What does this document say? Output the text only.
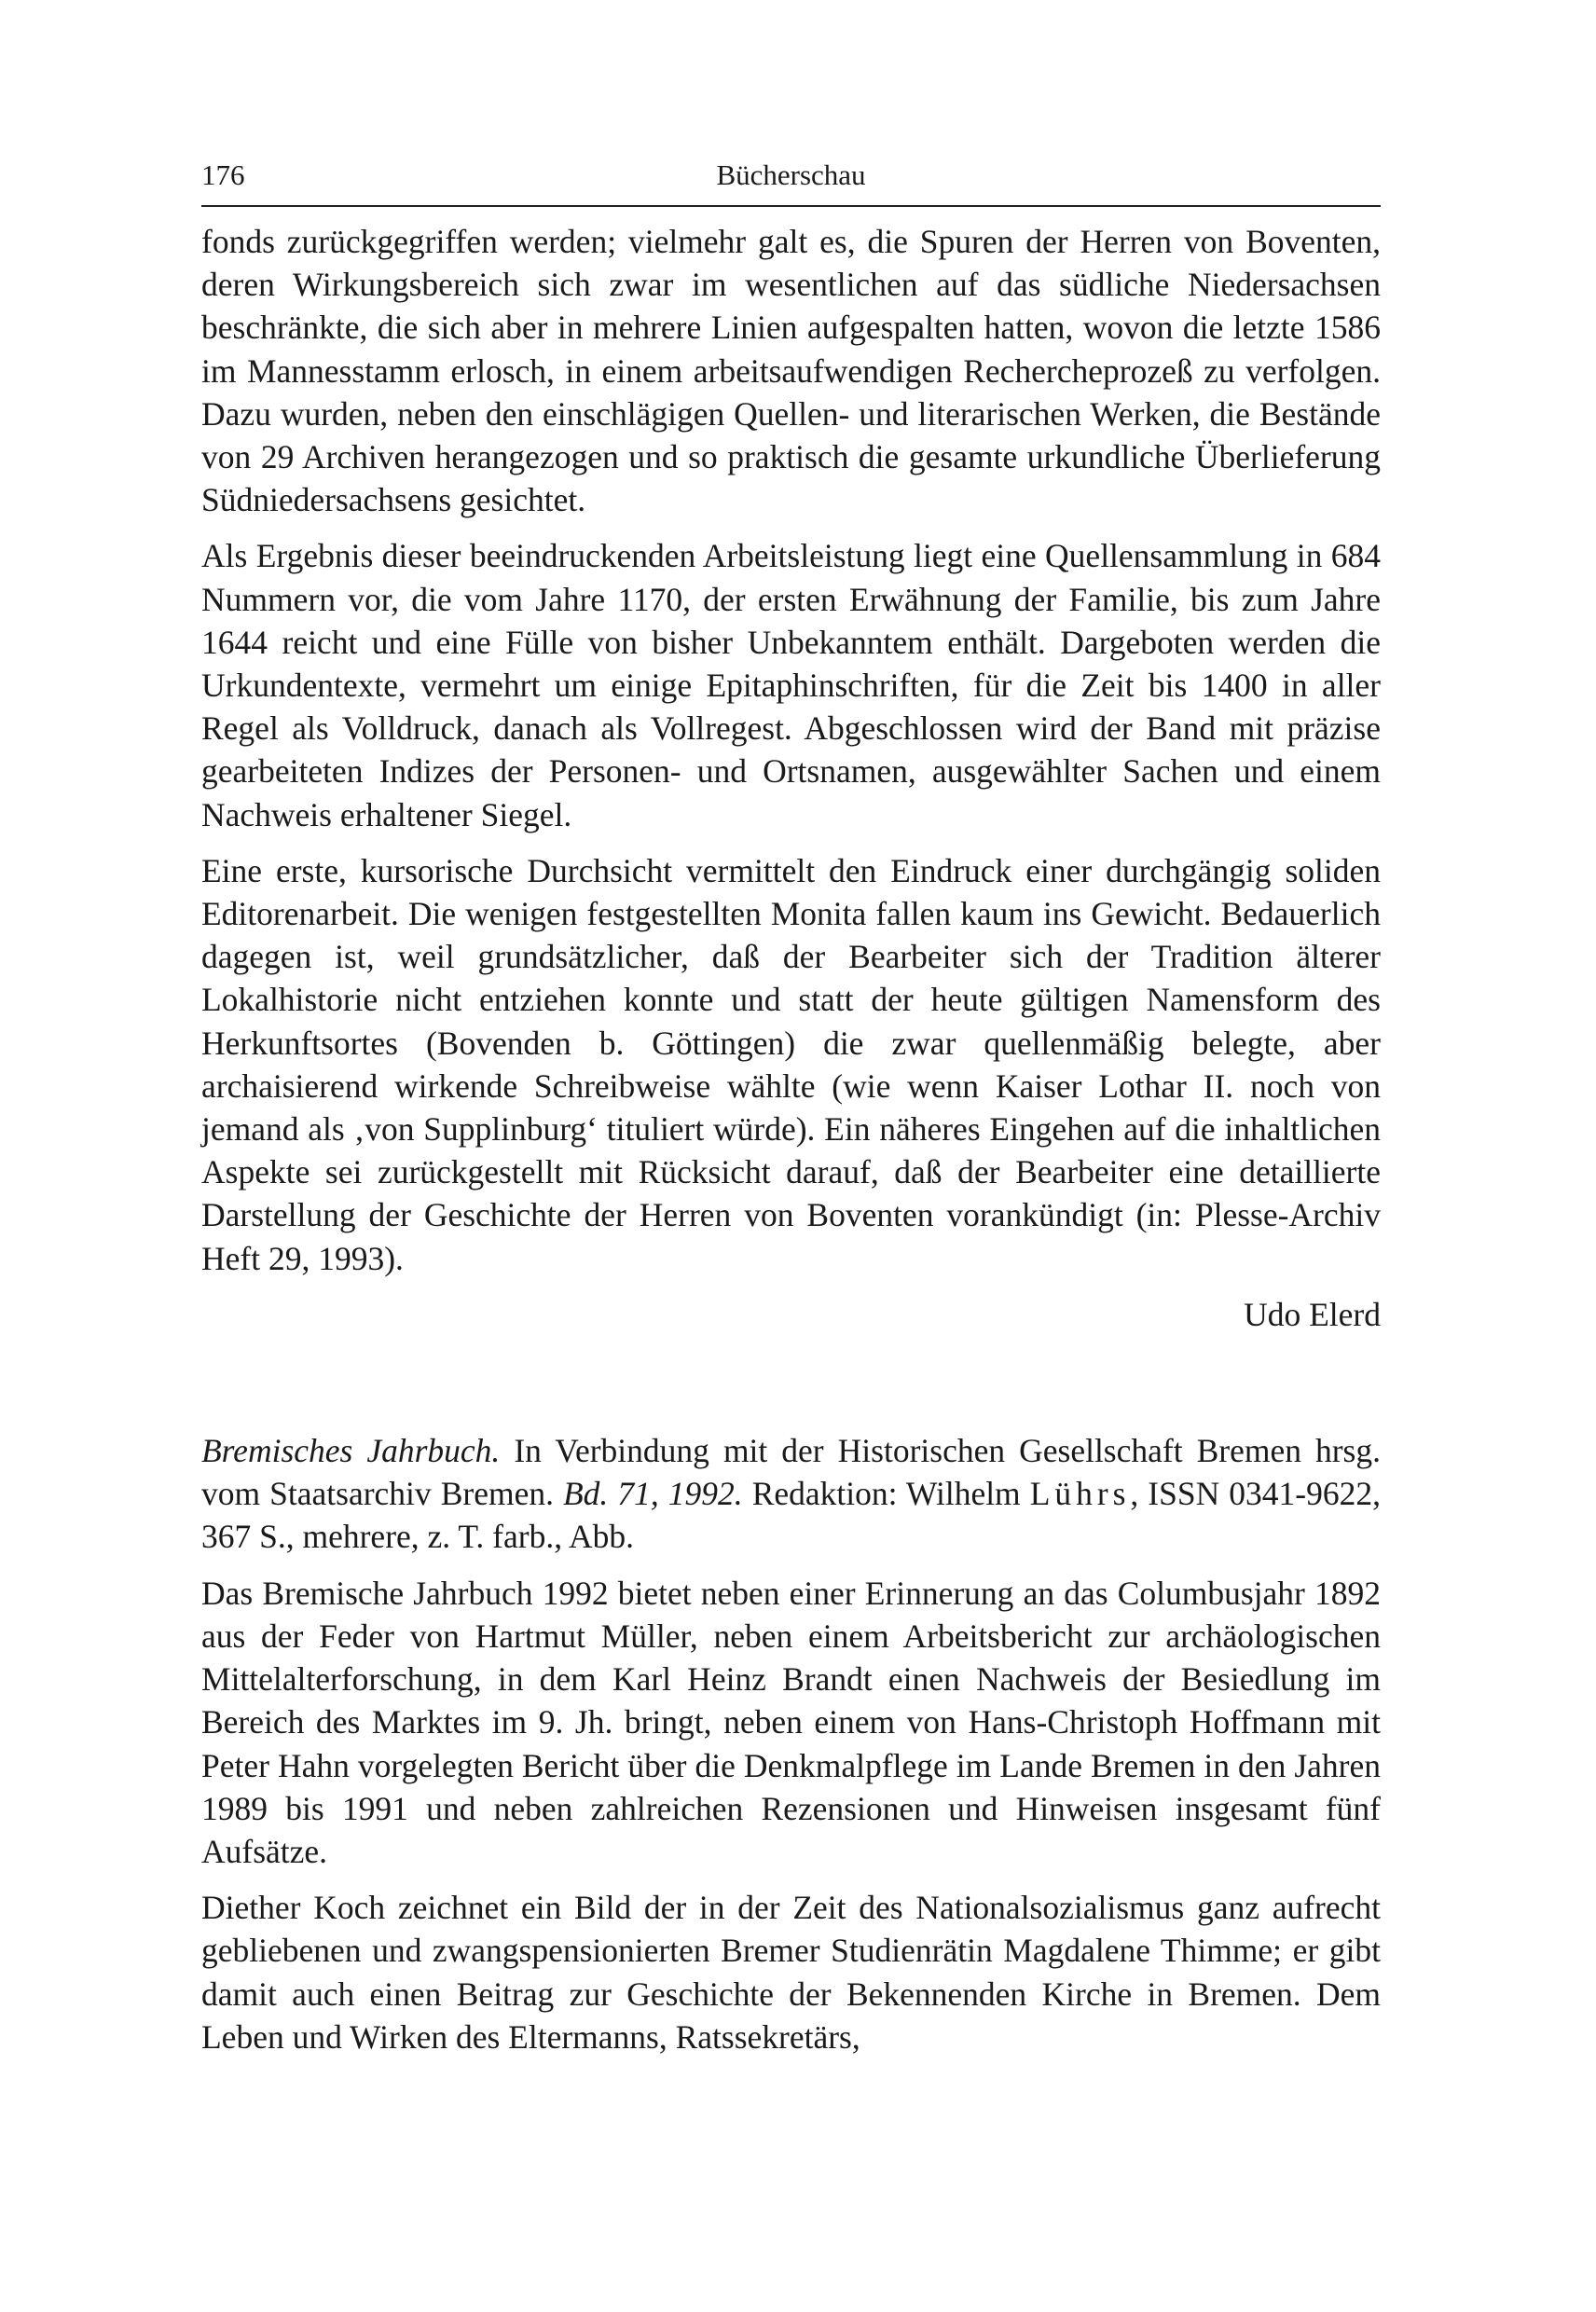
176	Bücherschau

fonds zurückgegriffen werden; vielmehr galt es, die Spuren der Herren von Boventen, deren Wirkungsbereich sich zwar im wesentlichen auf das südliche Niedersachsen beschränkte, die sich aber in mehrere Linien aufgespalten hatten, wovon die letzte 1586 im Mannesstamm erlosch, in einem arbeitsaufwendigen Rechercheprozeß zu verfolgen. Dazu wurden, neben den einschlägigen Quellen- und literarischen Werken, die Bestände von 29 Archiven herangezogen und so praktisch die gesamte urkundliche Überlieferung Südniedersachsens gesichtet.

Als Ergebnis dieser beeindruckenden Arbeitsleistung liegt eine Quellensammlung in 684 Nummern vor, die vom Jahre 1170, der ersten Erwähnung der Familie, bis zum Jahre 1644 reicht und eine Fülle von bisher Unbekanntem enthält. Dargeboten werden die Urkundentexte, vermehrt um einige Epitaphinschriften, für die Zeit bis 1400 in aller Regel als Volldruck, danach als Vollregest. Abgeschlossen wird der Band mit präzise gearbeiteten Indizes der Personen- und Ortsnamen, ausgewählter Sachen und einem Nachweis erhaltener Siegel.

Eine erste, kursorische Durchsicht vermittelt den Eindruck einer durchgängig soliden Editorenarbeit. Die wenigen festgestellten Monita fallen kaum ins Gewicht. Bedauerlich dagegen ist, weil grundsätzlicher, daß der Bearbeiter sich der Tradition älterer Lokalhistorie nicht entziehen konnte und statt der heute gültigen Namensform des Herkunftsortes (Bovenden b. Göttingen) die zwar quellenmäßig belegte, aber archaisierend wirkende Schreibweise wählte (wie wenn Kaiser Lothar II. noch von jemand als ‚von Supplinburg‘ tituliert würde). Ein näheres Eingehen auf die inhaltlichen Aspekte sei zurückgestellt mit Rücksicht darauf, daß der Bearbeiter eine detaillierte Darstellung der Geschichte der Herren von Boventen vorankündigt (in: Plesse-Archiv Heft 29, 1993).

Udo Elerd

Bremisches Jahrbuch. In Verbindung mit der Historischen Gesellschaft Bremen hrsg. vom Staatsarchiv Bremen. Bd. 71, 1992. Redaktion: Wilhelm Lührs, ISSN 0341-9622, 367 S., mehrere, z. T. farb., Abb.

Das Bremische Jahrbuch 1992 bietet neben einer Erinnerung an das Columbusjahr 1892 aus der Feder von Hartmut Müller, neben einem Arbeitsbericht zur archäologischen Mittelalterforschung, in dem Karl Heinz Brandt einen Nachweis der Besiedlung im Bereich des Marktes im 9. Jh. bringt, neben einem von Hans-Christoph Hoffmann mit Peter Hahn vorgelegten Bericht über die Denkmalpflege im Lande Bremen in den Jahren 1989 bis 1991 und neben zahlreichen Rezensionen und Hinweisen insgesamt fünf Aufsätze.

Diether Koch zeichnet ein Bild der in der Zeit des Nationalsozialismus ganz aufrecht gebliebenen und zwangspensionierten Bremer Studienrätin Magdalene Thimme; er gibt damit auch einen Beitrag zur Geschichte der Bekennenden Kirche in Bremen. Dem Leben und Wirken des Eltermanns, Ratssekretärs,
